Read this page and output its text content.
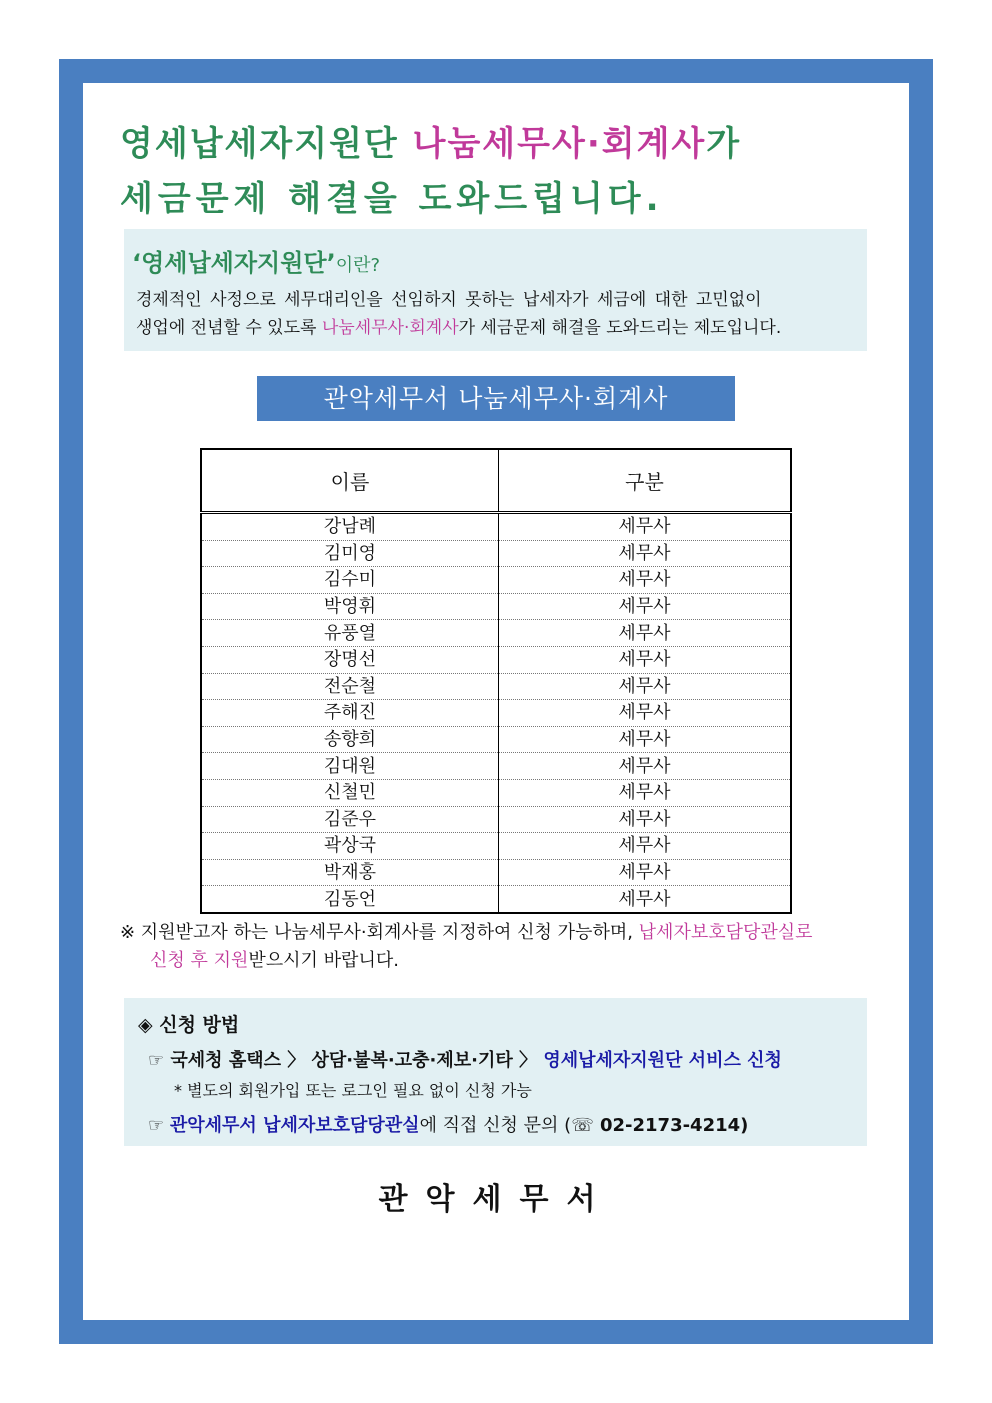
영세납세자지원단 나눔세무사·회계사가
세금문제 해결을 도와드립니다.
‘영세납세자지원단’이란?
경제적인 사정으로 세무대리인을 선임하지 못하는 납세자가 세금에 대한 고민없이
생업에 전념할 수 있도록 나눔세무사·회계사가 세금문제 해결을 도와드리는 제도입니다.
관악세무서 나눔세무사·회계사
이름	구분
강남례	세무사
김미영	세무사
김수미	세무사
박영휘	세무사
유풍열	세무사
장명선	세무사
전순철	세무사
주해진	세무사
송향희	세무사
김대원	세무사
신철민	세무사
김준우	세무사
곽상국	세무사
박재홍	세무사
김동언	세무사
※ 지원받고자 하는 나눔세무사·회계사를 지정하여 신청 가능하며, 납세자보호담당관실로
신청 후 지원받으시기 바랍니다.
◈ 신청 방법
☞ 국세청 홈택스 〉 상담·불복·고충·제보·기타 〉 영세납세자지원단 서비스 신청
* 별도의 회원가입 또는 로그인 필요 없이 신청 가능
☞ 관악세무서 납세자보호담당관실에 직접 신청 문의 (☏ 02-2173-4214)
관악세무서
